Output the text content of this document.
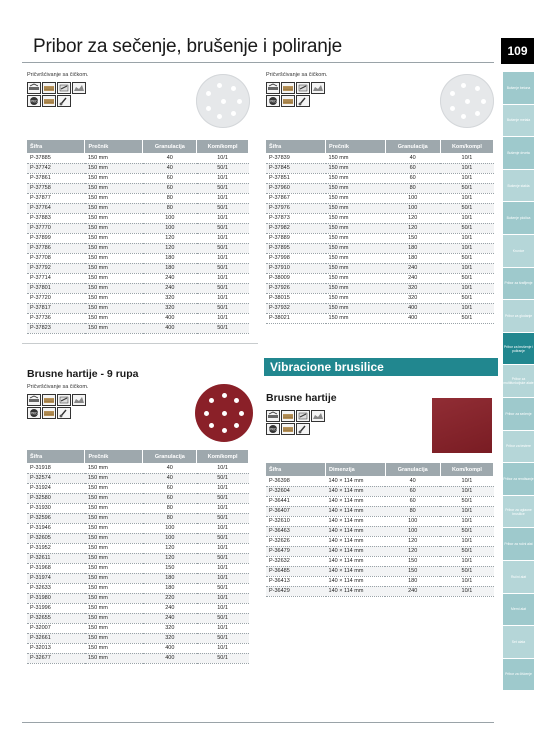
Pribor za sečenje, brušenje i poliranje	109
Bušenje betona
Bušenje metala
Bušenje drveta
Bušenje stakla
Bušenje pločica
Krunice
Pribor za šrafljenje
Pribor za glodanje
Pribor za brušenje i poliranje
Pribor za multifunkcijske alate
Pribor za sečenje
Pribor za testere
Pribor za rendisanje
Pribor za uglaone brusilice
Pribor za ručni alat
Ručni alat
Merni alat
Set alata
Pribor za čišćenje
Pričvršćivanje sa čičkom.
PRO
Šifra	Prečnik	Granulacija	Kom/kompl
P-37885	150 mm	40	10/1
P-37742	150 mm	40	50/1
P-37861	150 mm	60	10/1
P-37758	150 mm	60	50/1
P-37877	150 mm	80	10/1
P-37764	150 mm	80	50/1
P-37883	150 mm	100	10/1
P-37770	150 mm	100	50/1
P-37899	150 mm	120	10/1
P-37786	150 mm	120	50/1
P-37708	150 mm	180	10/1
P-37792	150 mm	180	50/1
P-37714	150 mm	240	10/1
P-37801	150 mm	240	50/1
P-37720	150 mm	320	10/1
P-37817	150 mm	320	50/1
P-37736	150 mm	400	10/1
P-37823	150 mm	400	50/1
Pričvršćivanje sa čičkom.
PRO
Šifra	Prečnik	Granulacija	Kom/kompl
P-37839	150 mm	40	10/1
P-37845	150 mm	60	10/1
P-37851	150 mm	60	10/1
P-37960	150 mm	80	50/1
P-37867	150 mm	100	10/1
P-37976	150 mm	100	50/1
P-37873	150 mm	120	10/1
P-37982	150 mm	120	50/1
P-37889	150 mm	150	10/1
P-37895	150 mm	180	10/1
P-37998	150 mm	180	50/1
P-37910	150 mm	240	10/1
P-38009	150 mm	240	50/1
P-37926	150 mm	320	10/1
P-38015	150 mm	320	50/1
P-37932	150 mm	400	10/1
P-38021	150 mm	400	50/1
Brusne hartije - 9 rupa
Pričvršćivanje sa čičkom.
PRO
Šifra	Prečnik	Granulacija	Kom/kompl
P-31918	150 mm	40	10/1
P-32574	150 mm	40	50/1
P-31924	150 mm	60	10/1
P-32580	150 mm	60	50/1
P-31930	150 mm	80	10/1
P-32596	150 mm	80	50/1
P-31946	150 mm	100	10/1
P-32605	150 mm	100	50/1
P-31952	150 mm	120	10/1
P-32611	150 mm	120	50/1
P-31968	150 mm	150	10/1
P-31974	150 mm	180	10/1
P-32633	150 mm	180	50/1
P-31980	150 mm	220	10/1
P-31996	150 mm	240	10/1
P-32655	150 mm	240	50/1
P-32007	150 mm	320	10/1
P-32661	150 mm	320	50/1
P-32013	150 mm	400	10/1
P-32677	150 mm	400	50/1
Vibracione brusilice
Brusne hartije
PRO
Šifra	Dimenzija	Granulacija	Kom/kompl
P-36398	140 × 114 mm	40	10/1
P-32604	140 × 114 mm	60	10/1
P-36441	140 × 114 mm	60	50/1
P-36407	140 × 114 mm	80	10/1
P-32610	140 × 114 mm	100	10/1
P-36463	140 × 114 mm	100	50/1
P-32626	140 × 114 mm	120	10/1
P-36479	140 × 114 mm	120	50/1
P-32632	140 × 114 mm	150	10/1
P-36485	140 × 114 mm	150	50/1
P-36413	140 × 114 mm	180	10/1
P-36429	140 × 114 mm	240	10/1
